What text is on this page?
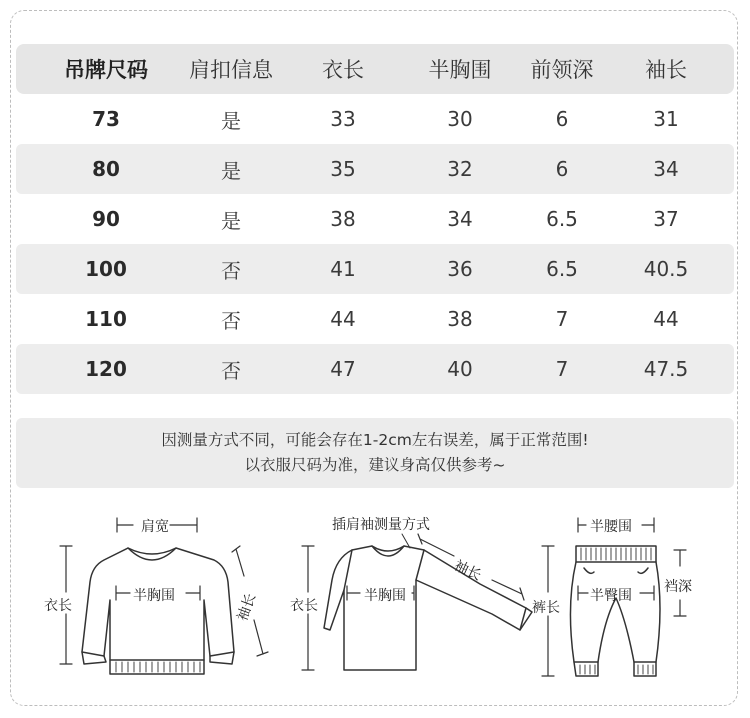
吊牌尺码	肩扣信息	衣长	半胸围	前领深	袖长
73	是	33	30	6	31
80	是	35	32	6	34
90	是	38	34	6.5	37
100	否	41	36	6.5	40.5
110	否	44	38	7	44
120	否	47	40	7	47.5
因测量方式不同，可能会存在1-2cm左右误差，属于正常范围!
以衣服尺码为准，建议身高仅供参考~
肩宽
衣长
半胸围	袖长
插肩袖测量方式
袖长
衣长
半胸围
半腰围
裤长
半臀围
裆深
